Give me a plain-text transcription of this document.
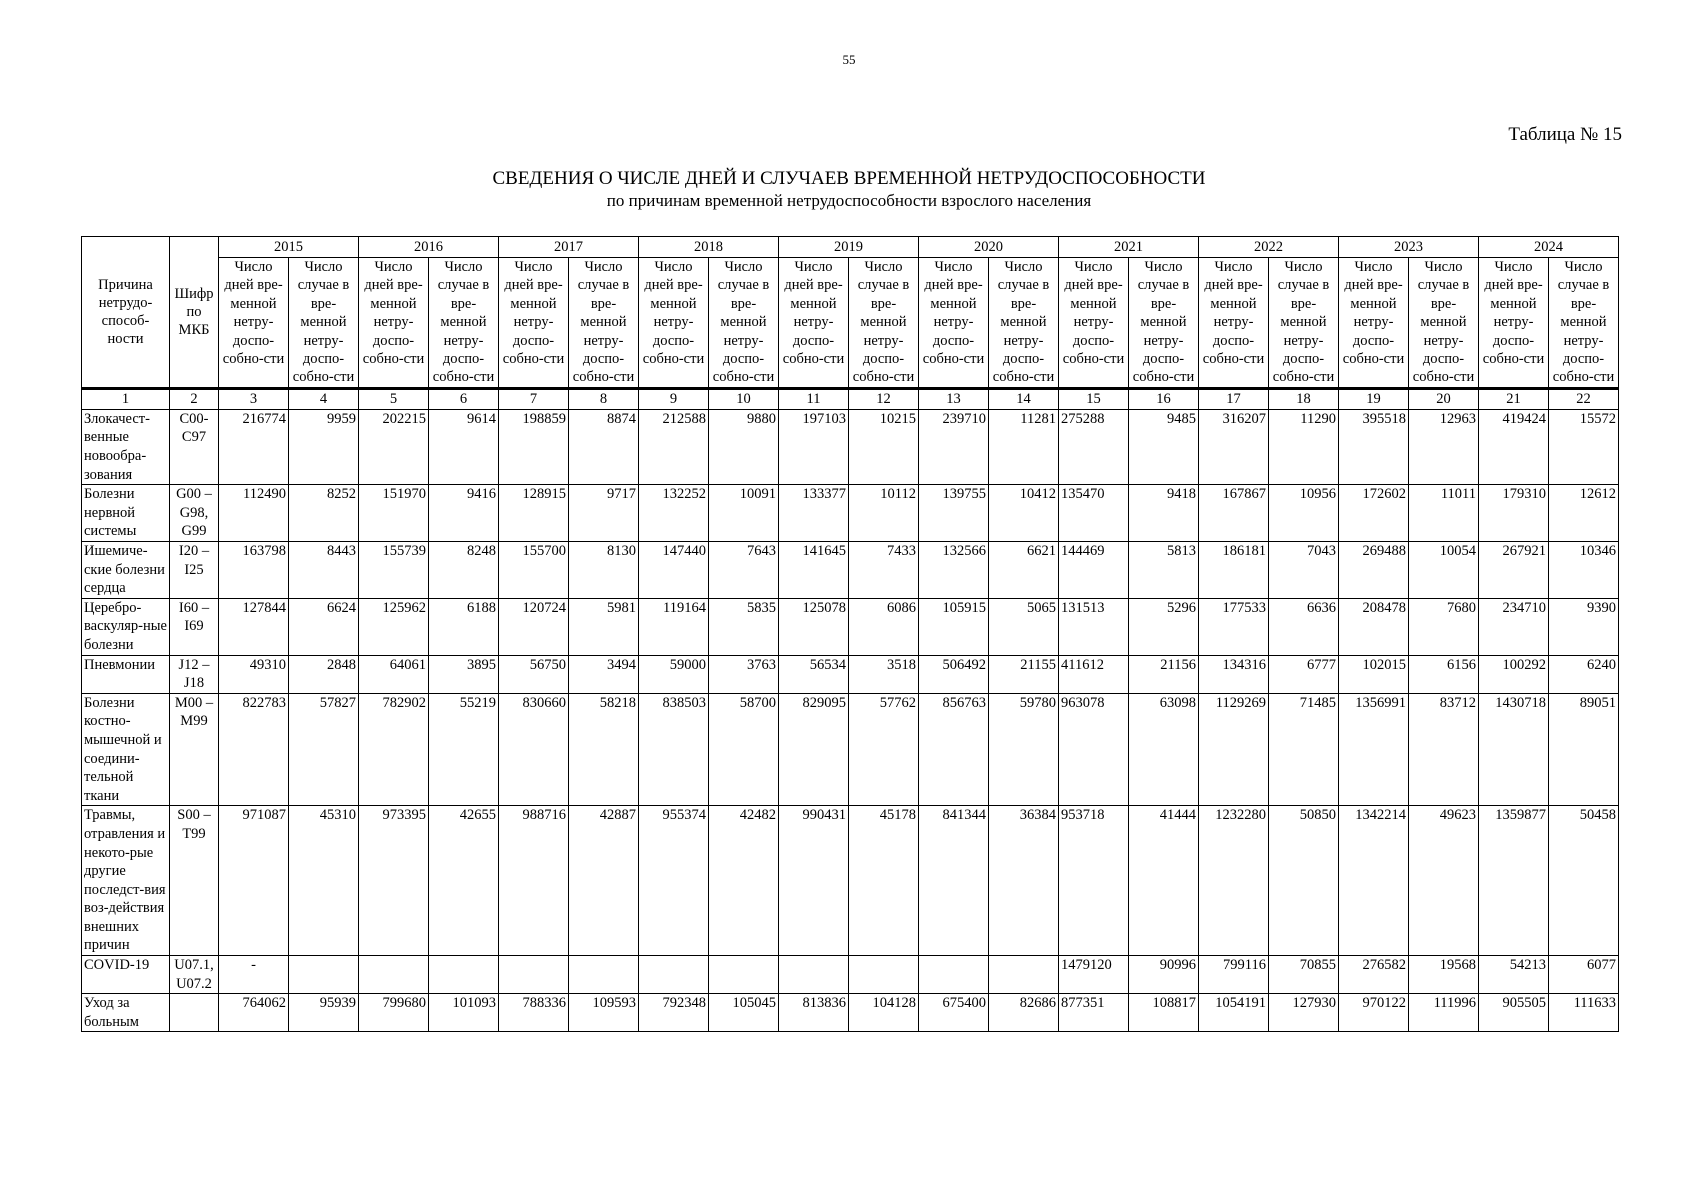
55
Таблица № 15
СВЕДЕНИЯ О ЧИСЛЕ ДНЕЙ И СЛУЧАЕВ ВРЕМЕННОЙ НЕТРУДОСПОСОБНОСТИ
по причинам временной нетрудоспособности взрослого населения
Причина нетрудо-способ-ности	Шифр по МКБ	2015		2016		2017		2018		2019		2020		2021		2022		2023		2024	
		Число дней вре-менной нетру-доспо-собно-сти	Число случае в вре-менной нетру-доспо-собно-сти	Число дней вре-менной нетру-доспо-собно-сти	Число случае в вре-менной нетру-доспо-собно-сти	Число дней вре-менной нетру-доспо-собно-сти	Число случае в вре-менной нетру-доспо-собно-сти	Число дней вре-менной нетру-доспо-собно-сти	Число случае в вре-менной нетру-доспо-собно-сти	Число дней вре-менной нетру-доспо-собно-сти	Число случае в вре-менной нетру-доспо-собно-сти	Число дней вре-менной нетру-доспо-собно-сти	Число случае в вре-менной нетру-доспо-собно-сти	Число дней вре-менной нетру-доспо-собно-сти	Число случае в вре-менной нетру-доспо-собно-сти	Число дней вре-менной нетру-доспо-собно-сти	Число случае в вре-менной нетру-доспо-собно-сти	Число дней вре-менной нетру-доспо-собно-сти	Число случае в вре-менной нетру-доспо-собно-сти	Число дней вре-менной нетру-доспо-собно-сти	Число случае в вре-менной нетру-доспо-собно-сти
1	2	3	4	5	6	7	8	9	10	11	12	13	14	15	16	17	18	19	20	21	22
Злокачест-венные новообра-зования	C00-C97	216774	9959	202215	9614	198859	8874	212588	9880	197103	10215	239710	11281	275288	9485	316207	11290	395518	12963	419424	15572
Болезни нервной системы	G00 – G98, G99	112490	8252	151970	9416	128915	9717	132252	10091	133377	10112	139755	10412	135470	9418	167867	10956	172602	11011	179310	12612
Ишемиче-ские болезни сердца	I20 – I25	163798	8443	155739	8248	155700	8130	147440	7643	141645	7433	132566	6621	144469	5813	186181	7043	269488	10054	267921	10346
Церебро-васкуляр-ные болезни	I60 – I69	127844	6624	125962	6188	120724	5981	119164	5835	125078	6086	105915	5065	131513	5296	177533	6636	208478	7680	234710	9390
Пневмонии	J12 – J18	49310	2848	64061	3895	56750	3494	59000	3763	56534	3518	506492	21155	411612	21156	134316	6777	102015	6156	100292	6240
Болезни костно-мышечной и соедини-тельной ткани	M00 – M99	822783	57827	782902	55219	830660	58218	838503	58700	829095	57762	856763	59780	963078	63098	1129269	71485	1356991	83712	1430718	89051
Травмы, отравления и некото-рые другие последст-вия воз-действия внешних причин	S00 – T99	971087	45310	973395	42655	988716	42887	955374	42482	990431	45178	841344	36384	953718	41444	1232280	50850	1342214	49623	1359877	50458
COVID-19	U07.1, U07.2	-												1479120	90996	799116	70855	276582	19568	54213	6077
Уход за больным		764062	95939	799680	101093	788336	109593	792348	105045	813836	104128	675400	82686	877351	108817	1054191	127930	970122	111996	905505	111633
